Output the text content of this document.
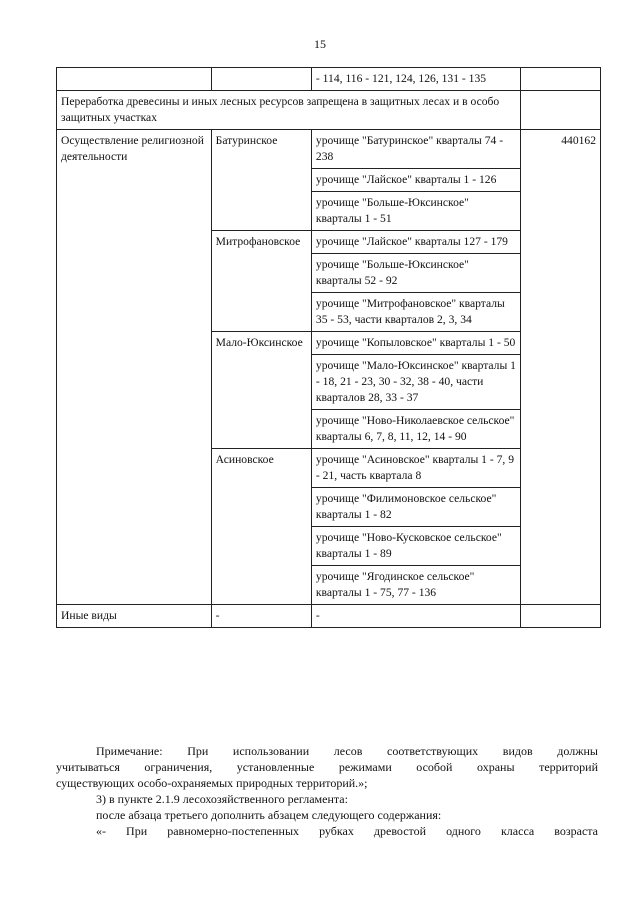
15
		- 114, 116 - 121, 124, 126, 131 - 135	
Переработка древесины и иных лесных ресурсов запрещена в защитных лесах и в особо защитных участках			
Осуществление религиозной деятельности	Батуринское	урочище "Батуринское" кварталы 74 - 238	440162
		урочище "Лайское" кварталы 1 - 126	
		урочище "Больше-Юксинское" кварталы 1 - 51	
	Митрофановское	урочище "Лайское" кварталы 127 - 179	
		урочище "Больше-Юксинское" кварталы 52 - 92	
		урочище "Митрофановское" кварталы 35 - 53, части кварталов 2, 3, 34	
	Мало-Юксинское	урочище "Копыловское" кварталы 1 - 50	
		урочище "Мало-Юксинское" кварталы 1 - 18, 21 - 23, 30 - 32, 38 - 40, части кварталов 28, 33 - 37	
		урочище "Ново-Николаевское сельское" кварталы 6, 7, 8, 11, 12, 14 - 90	
	Асиновское	урочище "Асиновское" кварталы 1 - 7, 9 - 21, часть квартала 8	
		урочище "Филимоновское сельское" кварталы 1 - 82	
		урочище "Ново-Кусковское сельское" кварталы 1 - 89	
		урочище "Ягодинское сельское" кварталы 1 - 75, 77 - 136	
Иные виды	-	-	
Примечание: При использовании лесов соответствующих видов должны
учитываться ограничения, установленные режимами особой охраны территорий
существующих особо-охраняемых природных территорий.»;
3) в пункте 2.1.9 лесохозяйственного регламента:
после абзаца третьего дополнить абзацем следующего содержания:
«- При равномерно-постепенных рубках древостой одного класса возраста
